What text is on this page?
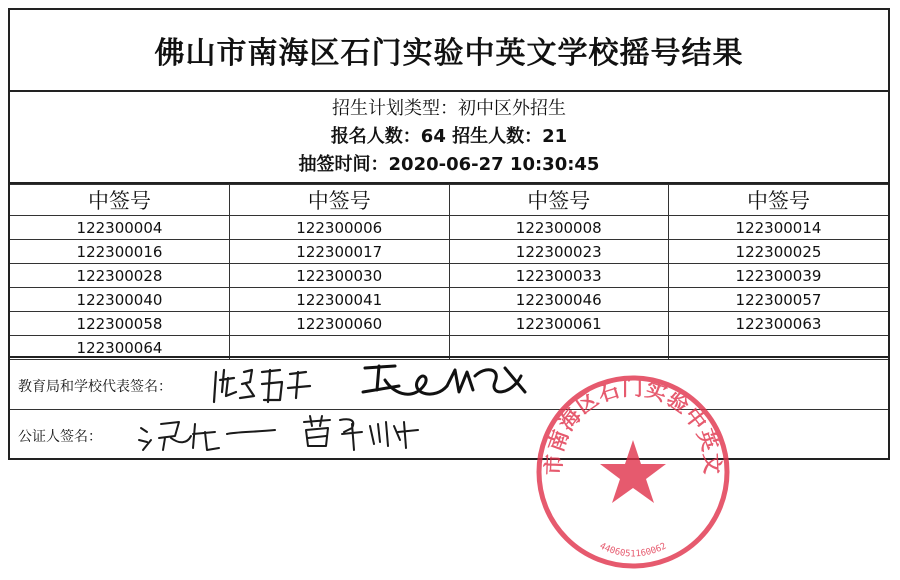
佛山市南海区石门实验中英文学校摇号结果
招生计划类型：初中区外招生
报名人数：64 招生人数：21
抽签时间：2020-06-27 10:30:45
中签号	中签号	中签号	中签号
122300004	122300006	122300008	122300014
122300016	122300017	122300023	122300025
122300028	122300030	122300033	122300039
122300040	122300041	122300046	122300057
122300058	122300060	122300061	122300063
122300064			
教育局和学校代表签名：
公证人签名：
市南海区石门实验中英文
4406051160062
